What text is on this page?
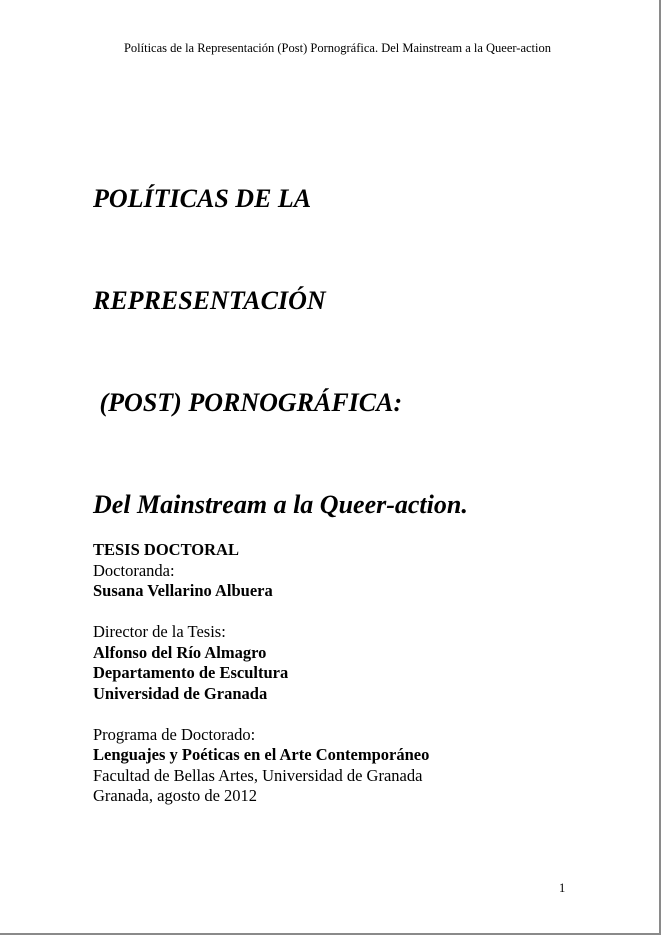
Políticas de la Representación (Post) Pornográfica. Del Mainstream a la Queer-action

POLÍTICAS DE LA

REPRESENTACIÓN

(POST) PORNOGRÁFICA:

Del Mainstream a la Queer-action.

TESIS DOCTORAL
Doctoranda:
Susana Vellarino Albuera
Director de la Tesis:
Alfonso del Río Almagro
Departamento de Escultura
Universidad de Granada
Programa de Doctorado:
Lenguajes y Poéticas en el Arte Contemporáneo
Facultad de Bellas Artes, Universidad de Granada
Granada, agosto de 2012
1
